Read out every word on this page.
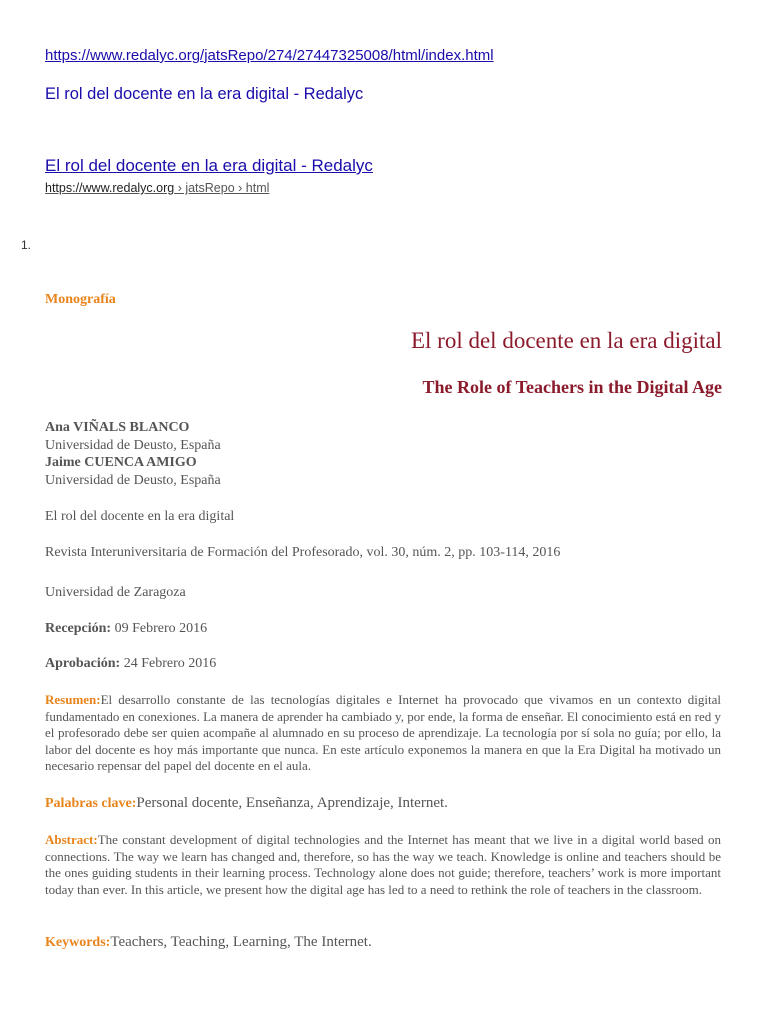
https://www.redalyc.org/jatsRepo/274/27447325008/html/index.html
El rol del docente en la era digital - Redalyc
El rol del docente en la era digital - Redalyc
https://www.redalyc.org › jatsRepo › html
1.
Monografía
El rol del docente en la era digital
The Role of Teachers in the Digital Age
Ana VIÑALS BLANCO
Universidad de Deusto, España
Jaime CUENCA AMIGO
Universidad de Deusto, España
El rol del docente en la era digital
Revista Interuniversitaria de Formación del Profesorado, vol. 30, núm. 2, pp. 103-114, 2016
Universidad de Zaragoza
Recepción: 09 Febrero 2016
Aprobación: 24 Febrero 2016
Resumen:El desarrollo constante de las tecnologías digitales e Internet ha provocado que vivamos en un contexto digital fundamentado en conexiones. La manera de aprender ha cambiado y, por ende, la forma de enseñar. El conocimiento está en red y el profesorado debe ser quien acompañe al alumnado en su proceso de aprendizaje. La tecnología por sí sola no guía; por ello, la labor del docente es hoy más importante que nunca. En este artículo exponemos la manera en que la Era Digital ha motivado un necesario repensar del papel del docente en el aula.
Palabras clave:Personal docente, Enseñanza, Aprendizaje, Internet.
Abstract:The constant development of digital technologies and the Internet has meant that we live in a digital world based on connections. The way we learn has changed and, therefore, so has the way we teach. Knowledge is online and teachers should be the ones guiding students in their learning process. Technology alone does not guide; therefore, teachers’ work is more important today than ever. In this article, we present how the digital age has led to a need to rethink the role of teachers in the classroom.
Keywords:Teachers, Teaching, Learning, The Internet.
